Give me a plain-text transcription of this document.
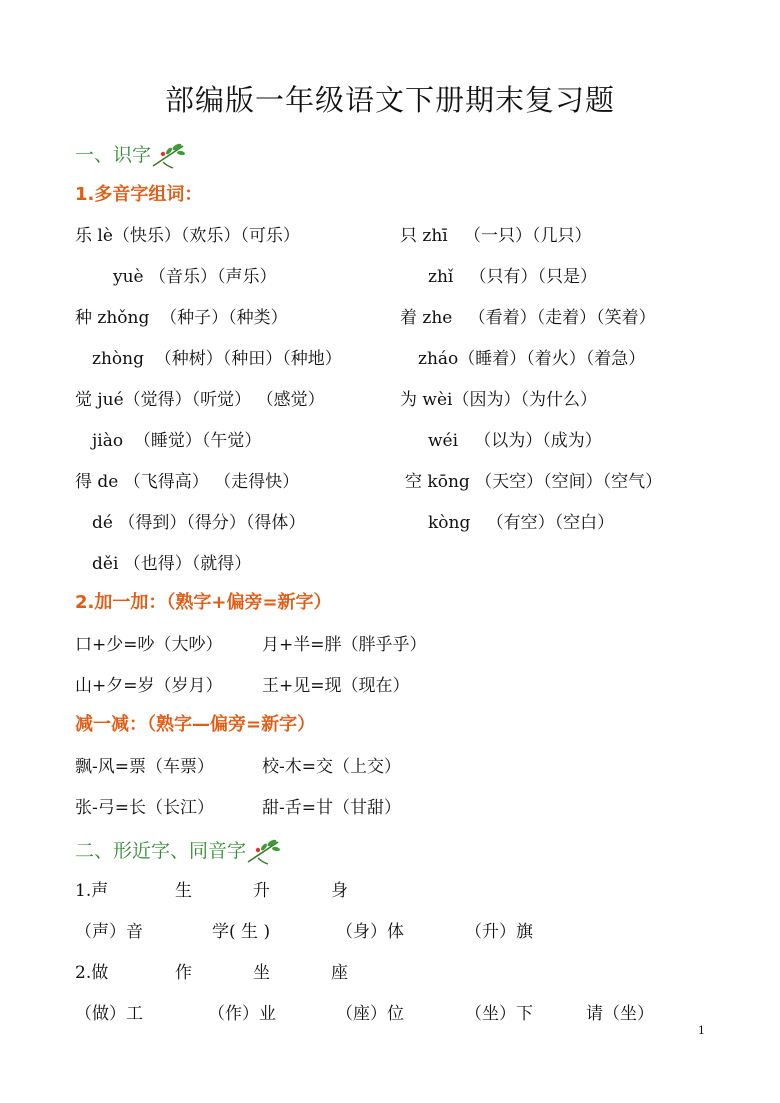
部编版一年级语文下册期末复习题
一、识字
1.多音字组词：
乐 lè（快乐）（欢乐）（可乐）	只 zhī   （一只）（几只）
yuè （音乐）（声乐）	zhǐ   （只有）（只是）
种 zhǒng  （种子）（种类）	着 zhe   （看着）（走着）（笑着）
zhòng  （种树）（种田）（种地）	zháo（睡着）（着火）（着急）
觉 jué（觉得）（听觉） （感觉）	为 wèi（因为）（为什么）
jiào  （睡觉）（午觉）	wéi   （以为）（成为）
得 de （飞得高） （走得快）	空 kōng （天空）（空间）（空气）
dé （得到）（得分）（得体）	kòng   （有空）（空白）
děi （也得）（就得）
2.加一加：（熟字+偏旁=新字）
口+少=吵（大吵） 月+半=胖（胖乎乎）
山+夕=岁（岁月） 王+见=现（现在）
减一减：（熟字—偏旁=新字）
飘-风=票（车票）	校-木=交（上交）
张-弓=长（长江）	甜-舌=甘（甘甜）
二、形近字、同音字
1.声	生	升	身
（声）音	学( 生 )	（身）体	（升）旗
2.做	作	坐	座
（做）工	（作）业	（座）位	（坐）下	请（坐）
1
